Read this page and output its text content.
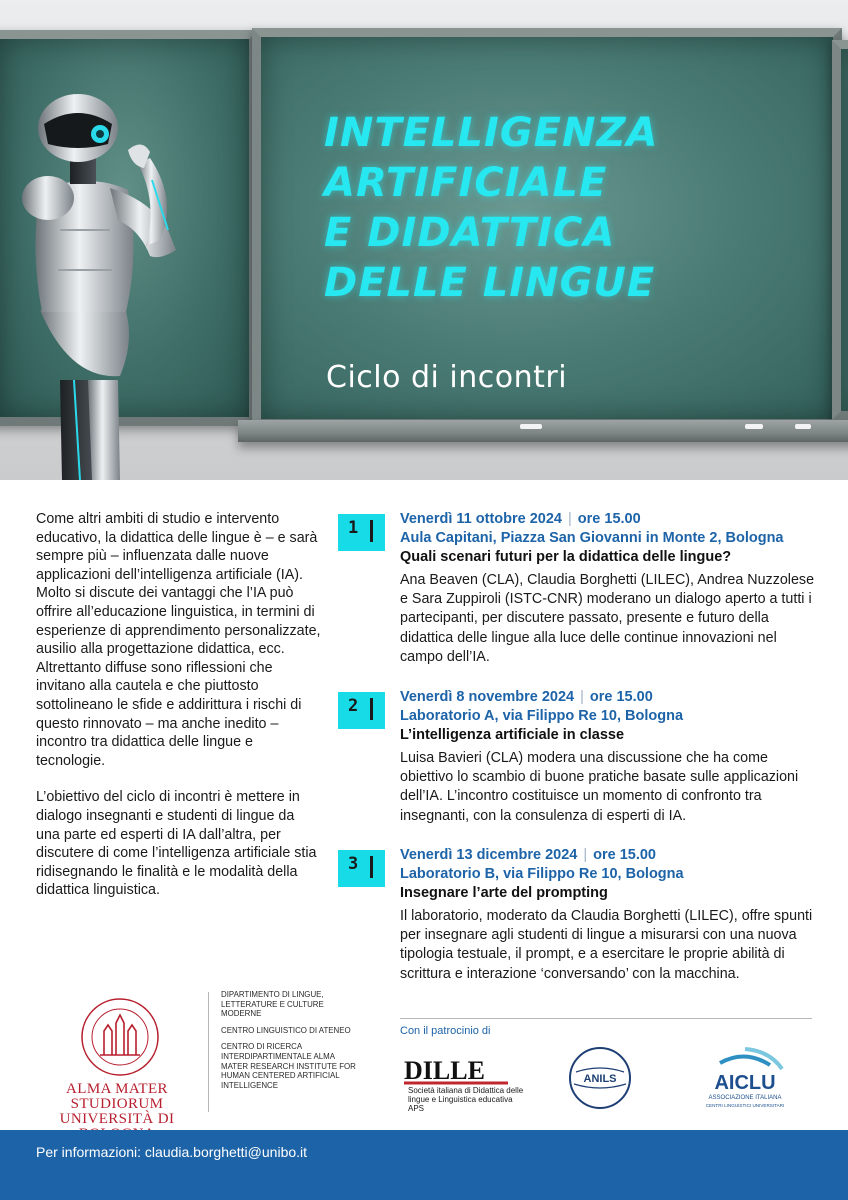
INTELLIGENZA
ARTIFICIALE
E DIDATTICA
DELLE LINGUE
Ciclo di incontri

Come altri ambiti di studio e intervento educativo, la didattica delle lingue è – e sarà sempre più – influenzata dalle nuove applicazioni dell’intelligenza artificiale (IA). Molto si discute dei vantaggi che l’IA può offrire all’educazione linguistica, in termini di esperienze di apprendimento personalizzate, ausilio alla progettazione didattica, ecc. Altrettanto diffuse sono riflessioni che invitano alla cautela e che piuttosto sottolineano le sfide e addirittura i rischi di questo rinnovato – ma anche inedito – incontro tra didattica delle lingue e tecnologie.

L’obiettivo del ciclo di incontri è mettere in dialogo insegnanti e studenti di lingue da una parte ed esperti di IA dall’altra, per discutere di come l’intelligenza artificiale stia ridisegnando le finalità e le modalità della didattica linguistica.

1	Venerdì 11 ottobre 2024 | ore 15.00
Aula Capitani, Piazza San Giovanni in Monte 2, Bologna
Quali scenari futuri per la didattica delle lingue?
Ana Beaven (CLA), Claudia Borghetti (LILEC), Andrea Nuzzolese e Sara Zuppiroli (ISTC-CNR) moderano un dialogo aperto a tutti i partecipanti, per discutere passato, presente e futuro della didattica delle lingue alla luce delle continue innovazioni nel campo dell’IA.
2	Venerdì 8 novembre 2024 | ore 15.00
Laboratorio A, via Filippo Re 10, Bologna
L’intelligenza artificiale in classe
Luisa Bavieri (CLA) modera una discussione che ha come obiettivo lo scambio di buone pratiche basate sulle applicazioni dell’IA. L’incontro costituisce un momento di confronto tra insegnanti, con la consulenza di esperti di IA.
3	Venerdì 13 dicembre 2024 | ore 15.00
Laboratorio B, via Filippo Re 10, Bologna
Insegnare l’arte del prompting
Il laboratorio, moderato da Claudia Borghetti (LILEC), offre spunti per insegnare agli studenti di lingue a misurarsi con una nuova tipologia testuale, il prompt, e a esercitare le proprie abilità di scrittura e interazione ‘conversando’ con la macchina.
ALMA MATER STUDIORUM
UNIVERSITÀ DI
DIPARTIMENTO DI LINGUE, LETTERATURE E CULTURE MODERNE
CENTRO LINGUISTICO DI ATENEO
CENTRO DI RICERCA INTERDIPARTIMENTALE ALMA MATER RESEARCH INSTITUTE FOR HUMAN CENTERED ARTIFICIAL INTELLIGENCE
Con il patrocinio di
DILLE
Società italiana di Didattica delle lingue e Linguistica educativa APS
ANILS	AICLU
ASSOCIAZIONE ITALIANA
CENTRI LINGUISTICI UNIVERSITARI
Per informazioni: claudia.borghetti@unibo.it
